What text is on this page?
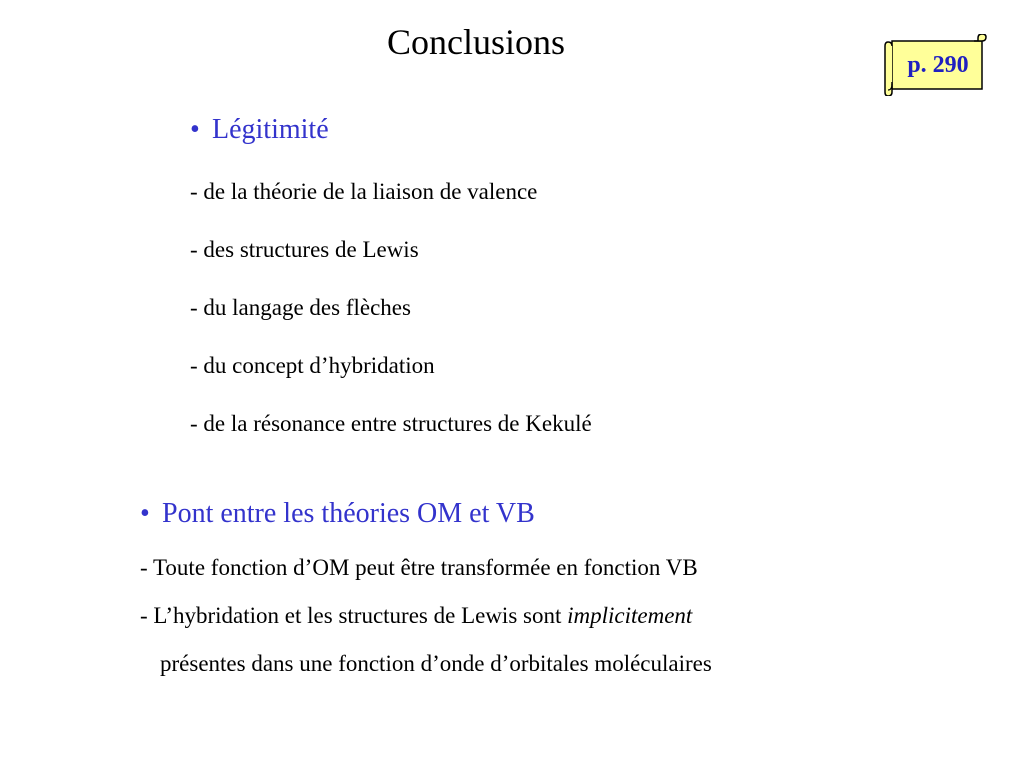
Conclusions
p. 290
• Légitimité
- de la théorie de la liaison de valence
- des structures de Lewis
- du langage des flèches
- du concept d’hybridation
- de la résonance entre structures de Kekulé
• Pont entre les théories OM et VB
- Toute fonction d’OM peut être transformée en fonction VB
- L’hybridation et les structures de Lewis sont implicitement
présentes dans une fonction d’onde d’orbitales moléculaires
